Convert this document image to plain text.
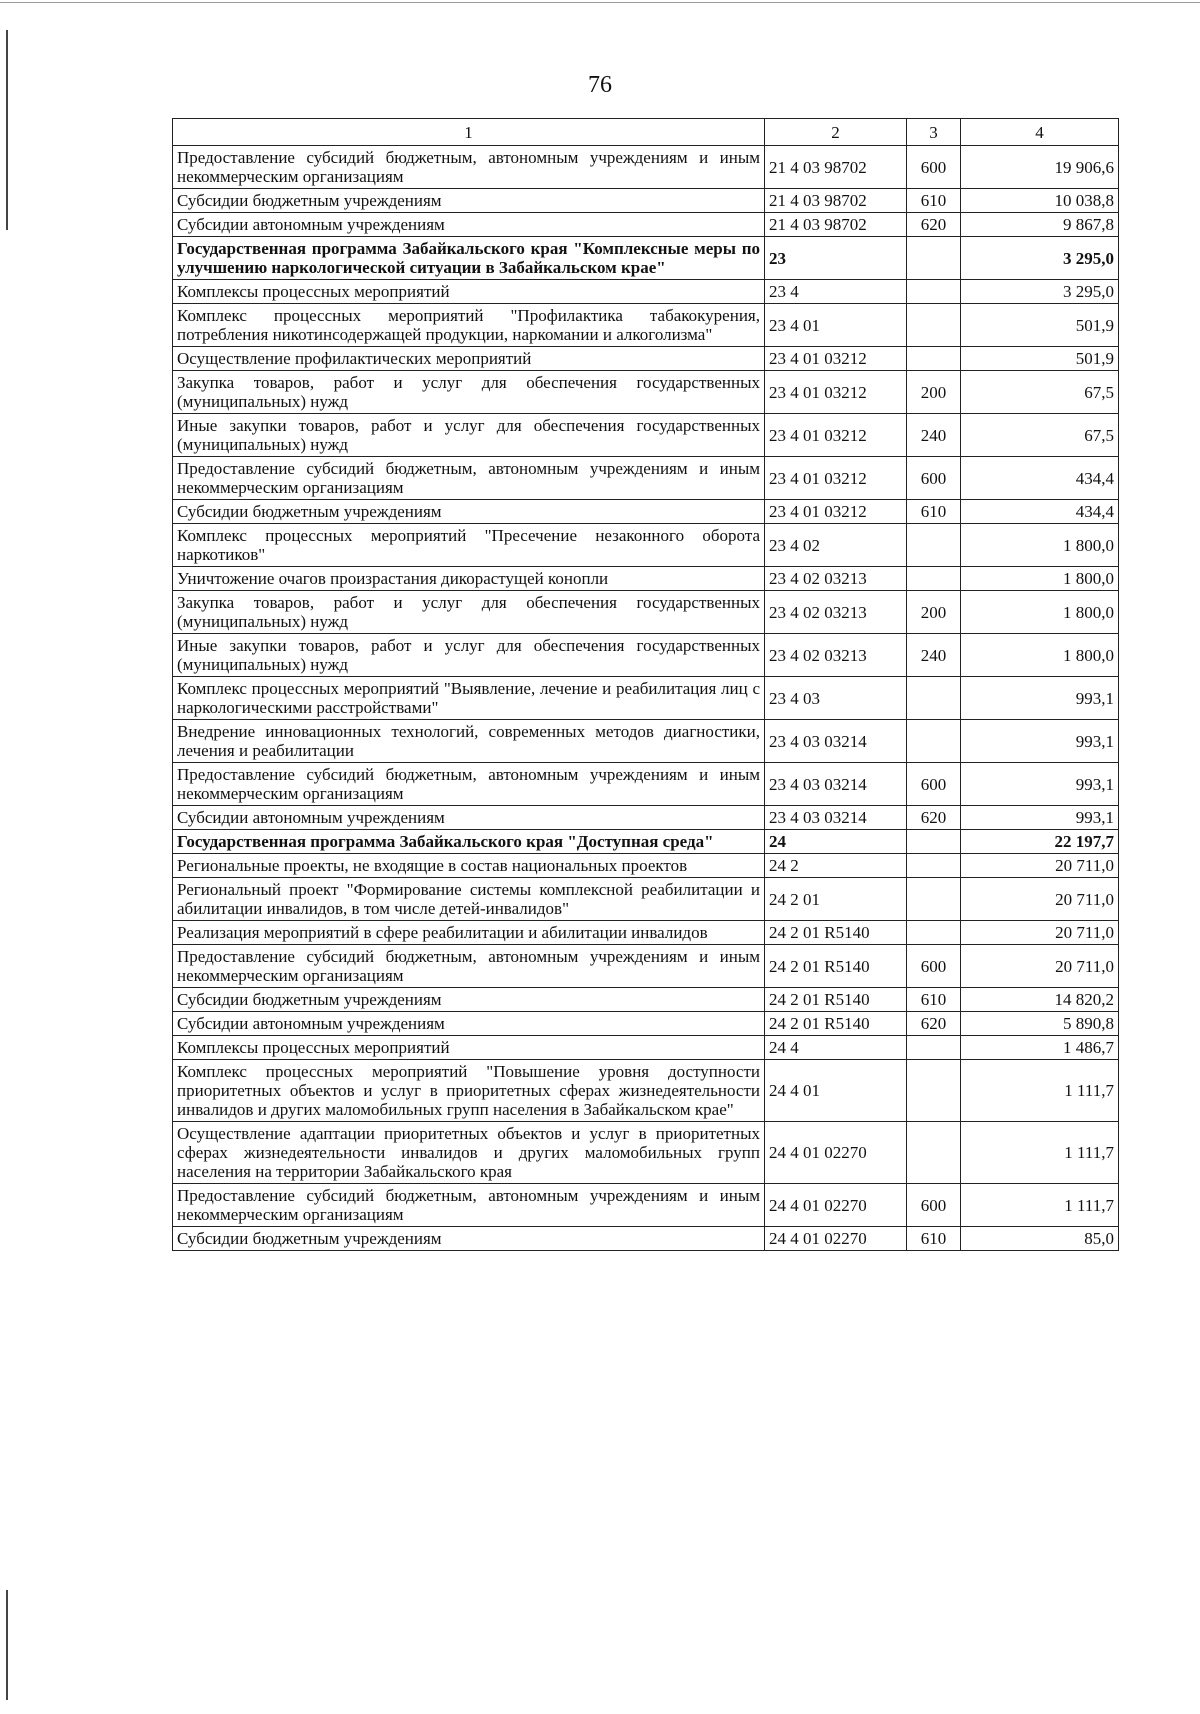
76
1	2	3	4
Предоставление субсидий бюджетным, автономным учреждениям и иным некоммерческим организациям	21 4 03 98702	600	19 906,6
Субсидии бюджетным учреждениям	21 4 03 98702	610	10 038,8
Субсидии автономным учреждениям	21 4 03 98702	620	9 867,8
Государственная программа Забайкальского края "Комплексные меры по улучшению наркологической ситуации в Забайкальском крае"	23		3 295,0
Комплексы процессных мероприятий	23 4		3 295,0
Комплекс процессных мероприятий "Профилактика табакокурения, потребления никотинсодержащей продукции, наркомании и алкоголизма"	23 4 01		501,9
Осуществление профилактических мероприятий	23 4 01 03212		501,9
Закупка товаров, работ и услуг для обеспечения государственных (муниципальных) нужд	23 4 01 03212	200	67,5
Иные закупки товаров, работ и услуг для обеспечения государственных (муниципальных) нужд	23 4 01 03212	240	67,5
Предоставление субсидий бюджетным, автономным учреждениям и иным некоммерческим организациям	23 4 01 03212	600	434,4
Субсидии бюджетным учреждениям	23 4 01 03212	610	434,4
Комплекс процессных мероприятий "Пресечение незаконного оборота наркотиков"	23 4 02		1 800,0
Уничтожение очагов произрастания дикорастущей конопли	23 4 02 03213		1 800,0
Закупка товаров, работ и услуг для обеспечения государственных (муниципальных) нужд	23 4 02 03213	200	1 800,0
Иные закупки товаров, работ и услуг для обеспечения государственных (муниципальных) нужд	23 4 02 03213	240	1 800,0
Комплекс процессных мероприятий "Выявление, лечение и реабилитация лиц с наркологическими расстройствами"	23 4 03		993,1
Внедрение инновационных технологий, современных методов диагностики, лечения и реабилитации	23 4 03 03214		993,1
Предоставление субсидий бюджетным, автономным учреждениям и иным некоммерческим организациям	23 4 03 03214	600	993,1
Субсидии автономным учреждениям	23 4 03 03214	620	993,1
Государственная программа Забайкальского края "Доступная среда"	24		22 197,7
Региональные проекты, не входящие в состав национальных проектов	24 2		20 711,0
Региональный проект "Формирование системы комплексной реабилитации и абилитации инвалидов, в том числе детей-инвалидов"	24 2 01		20 711,0
Реализация мероприятий в сфере реабилитации и абилитации инвалидов	24 2 01 R5140		20 711,0
Предоставление субсидий бюджетным, автономным учреждениям и иным некоммерческим организациям	24 2 01 R5140	600	20 711,0
Субсидии бюджетным учреждениям	24 2 01 R5140	610	14 820,2
Субсидии автономным учреждениям	24 2 01 R5140	620	5 890,8
Комплексы процессных мероприятий	24 4		1 486,7
Комплекс процессных мероприятий "Повышение уровня доступности приоритетных объектов и услуг в приоритетных сферах жизнедеятельности инвалидов и других маломобильных групп населения в Забайкальском крае"	24 4 01		1 111,7
Осуществление адаптации приоритетных объектов и услуг в приоритетных сферах жизнедеятельности инвалидов и других маломобильных групп населения на территории Забайкальского края	24 4 01 02270		1 111,7
Предоставление субсидий бюджетным, автономным учреждениям и иным некоммерческим организациям	24 4 01 02270	600	1 111,7
Субсидии бюджетным учреждениям	24 4 01 02270	610	85,0
